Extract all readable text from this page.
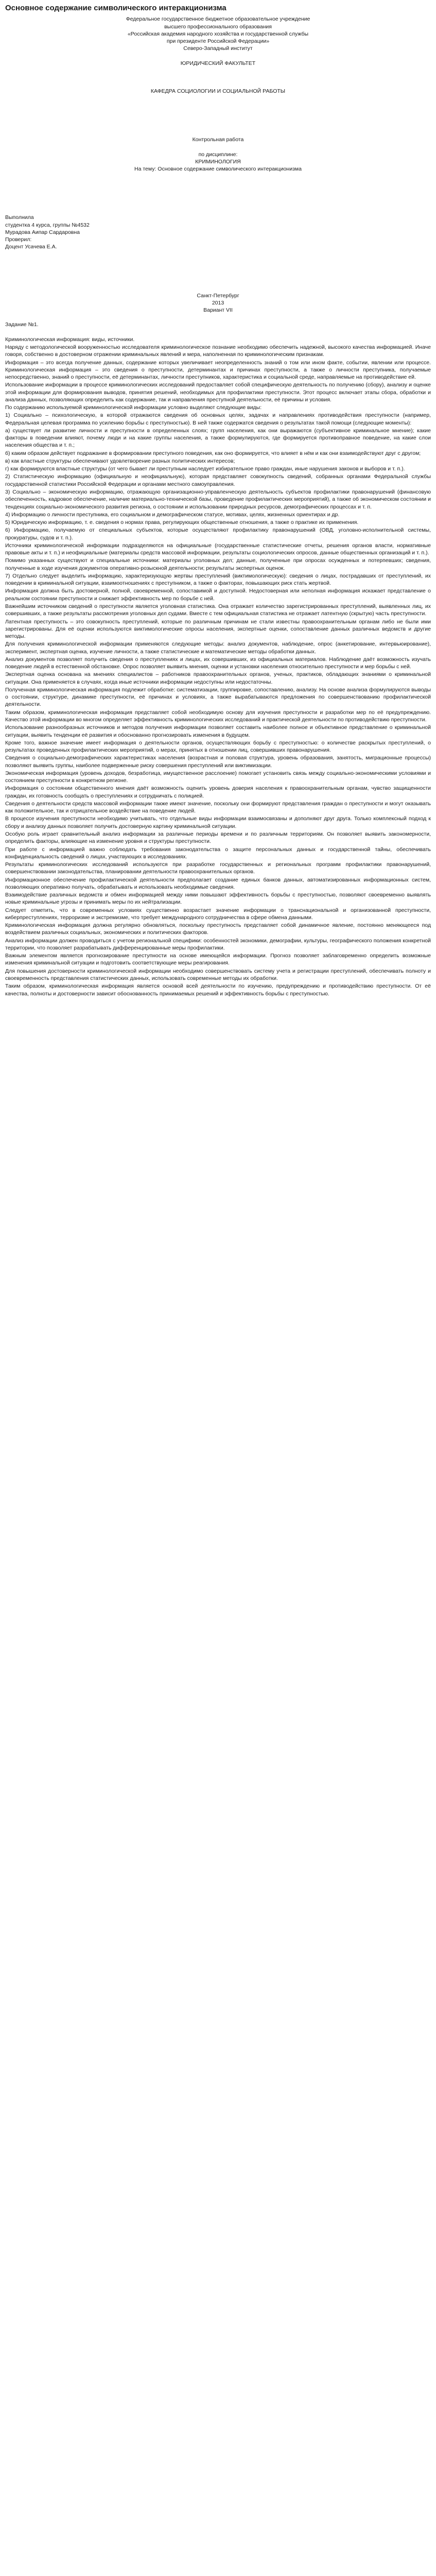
Основное содержание символического интеракционизма

Федеральное государственное бюджетное образовательное учреждение

высшего профессионального образования

«Российская академия народного хозяйства и государственной службы

при президенте Российской Федерации»

Северо-Западный институт

ЮРИДИЧЕСКИЙ ФАКУЛЬТЕТ

КАФЕДРА СОЦИОЛОГИИ И СОЦИАЛЬНОЙ РАБОТЫ

Контрольная работа

по дисциплине:

КРИМИНОЛОГИЯ

На тему: Основное содержание символического интеракционизма

Выполнила

студентка 4 курса, группы №4532

Мурадова Аипар Сардаровна

Проверил:

Доцент Усачева Е.А.

Санкт-Петербург

2013

Вариант VII

Задание №1.

Криминологическая информация: виды, источники.

Наряду с методологической вооруженностью исследователя криминологическое познание необходимо обеспечить надежной, высокого качества информацией. Иначе говоря, собственно в достоверном отражении криминальных явлений и мера, наполненная по криминологическим признакам.

Информация – это всегда получение данных, содержание которых увеличивает неопределенность знаний о том или ином факте, событии, явлении или процессе. Криминологическая информация – это сведения о преступности, детерминантах и причинах преступности, а также о личности преступника, получаемые непосредственно, знаний о преступности, её детерминантах, личности преступников, характеристика и социальной среде, направляемые на противодействие ей.

Использование информации в процессе криминологических исследований предоставляет собой специфическую деятельность по получению (сбору), анализу и оценке этой информации для формирования выводов, принятия решений, необходимых для профилактики преступности. Этот процесс включает этапы сбора, обработки и анализа данных, позволяющих определить как содержание, так и направления преступной деятельности, её причины и условия.

По содержанию используемой криминологической информации условно выделяют следующие виды:

1) Социально – психологическую, в которой отражаются сведения об основных целях, задачах и направлениях противодействия преступности (например, Федеральная целевая программа по усилению борьбы с преступностью). В ней также содержатся сведения о результатах такой помощи (следующие моменты):

а) существует ли развитие личности и преступности в определенных слоях; групп населения, как они выражаются (субъективное криминальное мнение); какие факторы в поведении влияют, почему люди и на какие группы населения, а также формулируются, где формируется противоправное поведение, на какие слои населения общества и т. п.;

б) каким образом действует подражание в формировании преступного поведения, как оно формируется, что влияет в нём и как они взаимодействуют друг с другом;

в) как властные структуры обеспечивают удовлетворение разных политических интересов;

г) как формируются властные структуры (от чего бывает ли преступным наследует избирательное право граждан, иные нарушения законов и выборов и т. п.).

2) Статистическую информацию (официальную и неофициальную), которая представляет совокупность сведений, собранных органами Федеральной службы государственной статистики Российской Федерации и органами местного самоуправления.

3) Социально – экономическую информацию, отражающую организационно-управленческую деятельность субъектов профилактики правонарушений (финансовую обеспеченность, кадровое обеспечение, наличие материально-технической базы, проведение профилактических мероприятий), а также об экономическом состоянии и тенденциях социально-экономического развития региона, о состоянии и использовании природных ресурсов, демографических процессах и т. п.

4) Информацию о личности преступника, его социальном и демографическом статусе, мотивах, целях, жизненных ориентирах и др.

5) Юридическую информацию, т. е. сведения о нормах права, регулирующих общественные отношения, а также о практике их применения.

6) Информацию, получаемую от специальных субъектов, которые осуществляют профилактику правонарушений (ОВД, уголовно-исполнительной системы, прокуратуры, судов и т. п.).

Источники криминологической информации подразделяются на официальные (государственные статистические отчеты, решения органов власти, нормативные правовые акты и т. п.) и неофициальные (материалы средств массовой информации, результаты социологических опросов, данные общественных организаций и т. п.).

Помимо указанных существуют и специальные источники: материалы уголовных дел; данные, полученные при опросах осужденных и потерпевших; сведения, полученные в ходе изучения документов оперативно-розыскной деятельности; результаты экспертных оценок.

7) Отдельно следует выделить информацию, характеризующую жертвы преступлений (виктимологическую): сведения о лицах, пострадавших от преступлений, их поведении в криминальной ситуации, взаимоотношениях с преступником, а также о факторах, повышающих риск стать жертвой.

Информация должна быть достоверной, полной, своевременной, сопоставимой и доступной. Недостоверная или неполная информация искажает представление о реальном состоянии преступности и снижает эффективность мер по борьбе с ней.

Важнейшим источником сведений о преступности является уголовная статистика. Она отражает количество зарегистрированных преступлений, выявленных лиц, их совершивших, а также результаты рассмотрения уголовных дел судами. Вместе с тем официальная статистика не отражает латентную (скрытую) часть преступности.

Латентная преступность – это совокупность преступлений, которые по различным причинам не стали известны правоохранительным органам либо не были ими зарегистрированы. Для её оценки используются виктимологические опросы населения, экспертные оценки, сопоставление данных различных ведомств и другие методы.

Для получения криминологической информации применяются следующие методы: анализ документов, наблюдение, опрос (анкетирование, интервьюирование), эксперимент, экспертная оценка, изучение личности, а также статистические и математические методы обработки данных.

Анализ документов позволяет получить сведения о преступлениях и лицах, их совершивших, из официальных материалов. Наблюдение даёт возможность изучать поведение людей в естественной обстановке. Опрос позволяет выявить мнения, оценки и установки населения относительно преступности и мер борьбы с ней.

Экспертная оценка основана на мнениях специалистов – работников правоохранительных органов, ученых, практиков, обладающих знаниями о криминальной ситуации. Она применяется в случаях, когда иные источники информации недоступны или недостаточны.

Полученная криминологическая информация подлежит обработке: систематизации, группировке, сопоставлению, анализу. На основе анализа формулируются выводы о состоянии, структуре, динамике преступности, её причинах и условиях, а также вырабатываются предложения по совершенствованию профилактической деятельности.

Таким образом, криминологическая информация представляет собой необходимую основу для изучения преступности и разработки мер по её предупреждению. Качество этой информации во многом определяет эффективность криминологических исследований и практической деятельности по противодействию преступности.

Использование разнообразных источников и методов получения информации позволяет составить наиболее полное и объективное представление о криминальной ситуации, выявить тенденции её развития и обоснованно прогнозировать изменения в будущем.

Кроме того, важное значение имеет информация о деятельности органов, осуществляющих борьбу с преступностью: о количестве раскрытых преступлений, о результатах проведенных профилактических мероприятий, о мерах, принятых в отношении лиц, совершивших правонарушения.

Сведения о социально-демографических характеристиках населения (возрастная и половая структура, уровень образования, занятость, миграционные процессы) позволяют выявить группы, наиболее подверженные риску совершения преступлений или виктимизации.

Экономическая информация (уровень доходов, безработица, имущественное расслоение) помогает установить связь между социально-экономическими условиями и состоянием преступности в конкретном регионе.

Информация о состоянии общественного мнения даёт возможность оценить уровень доверия населения к правоохранительным органам, чувство защищенности граждан, их готовность сообщать о преступлениях и сотрудничать с полицией.

Сведения о деятельности средств массовой информации также имеют значение, поскольку они формируют представления граждан о преступности и могут оказывать как положительное, так и отрицательное воздействие на поведение людей.

В процессе изучения преступности необходимо учитывать, что отдельные виды информации взаимосвязаны и дополняют друг друга. Только комплексный подход к сбору и анализу данных позволяет получить достоверную картину криминальной ситуации.

Особую роль играет сравнительный анализ информации за различные периоды времени и по различным территориям. Он позволяет выявить закономерности, определить факторы, влияющие на изменение уровня и структуры преступности.

При работе с информацией важно соблюдать требования законодательства о защите персональных данных и государственной тайны, обеспечивать конфиденциальность сведений о лицах, участвующих в исследованиях.

Результаты криминологических исследований используются при разработке государственных и региональных программ профилактики правонарушений, совершенствовании законодательства, планировании деятельности правоохранительных органов.

Информационное обеспечение профилактической деятельности предполагает создание единых банков данных, автоматизированных информационных систем, позволяющих оперативно получать, обрабатывать и использовать необходимые сведения.

Взаимодействие различных ведомств и обмен информацией между ними повышают эффективность борьбы с преступностью, позволяют своевременно выявлять новые криминальные угрозы и принимать меры по их нейтрализации.

Следует отметить, что в современных условиях существенно возрастает значение информации о транснациональной и организованной преступности, киберпреступлениях, терроризме и экстремизме, что требует международного сотрудничества в сфере обмена данными.

Криминологическая информация должна регулярно обновляться, поскольку преступность представляет собой динамичное явление, постоянно меняющееся под воздействием различных социальных, экономических и политических факторов.

Анализ информации должен проводиться с учетом региональной специфики: особенностей экономики, демографии, культуры, географического положения конкретной территории, что позволяет разрабатывать дифференцированные меры профилактики.

Важным элементом является прогнозирование преступности на основе имеющейся информации. Прогноз позволяет заблаговременно определить возможные изменения криминальной ситуации и подготовить соответствующие меры реагирования.

Для повышения достоверности криминологической информации необходимо совершенствовать систему учета и регистрации преступлений, обеспечивать полноту и своевременность представления статистических данных, использовать современные методы их обработки.

Таким образом, криминологическая информация является основой всей деятельности по изучению, предупреждению и противодействию преступности. От её качества, полноты и достоверности зависит обоснованность принимаемых решений и эффективность борьбы с преступностью.
